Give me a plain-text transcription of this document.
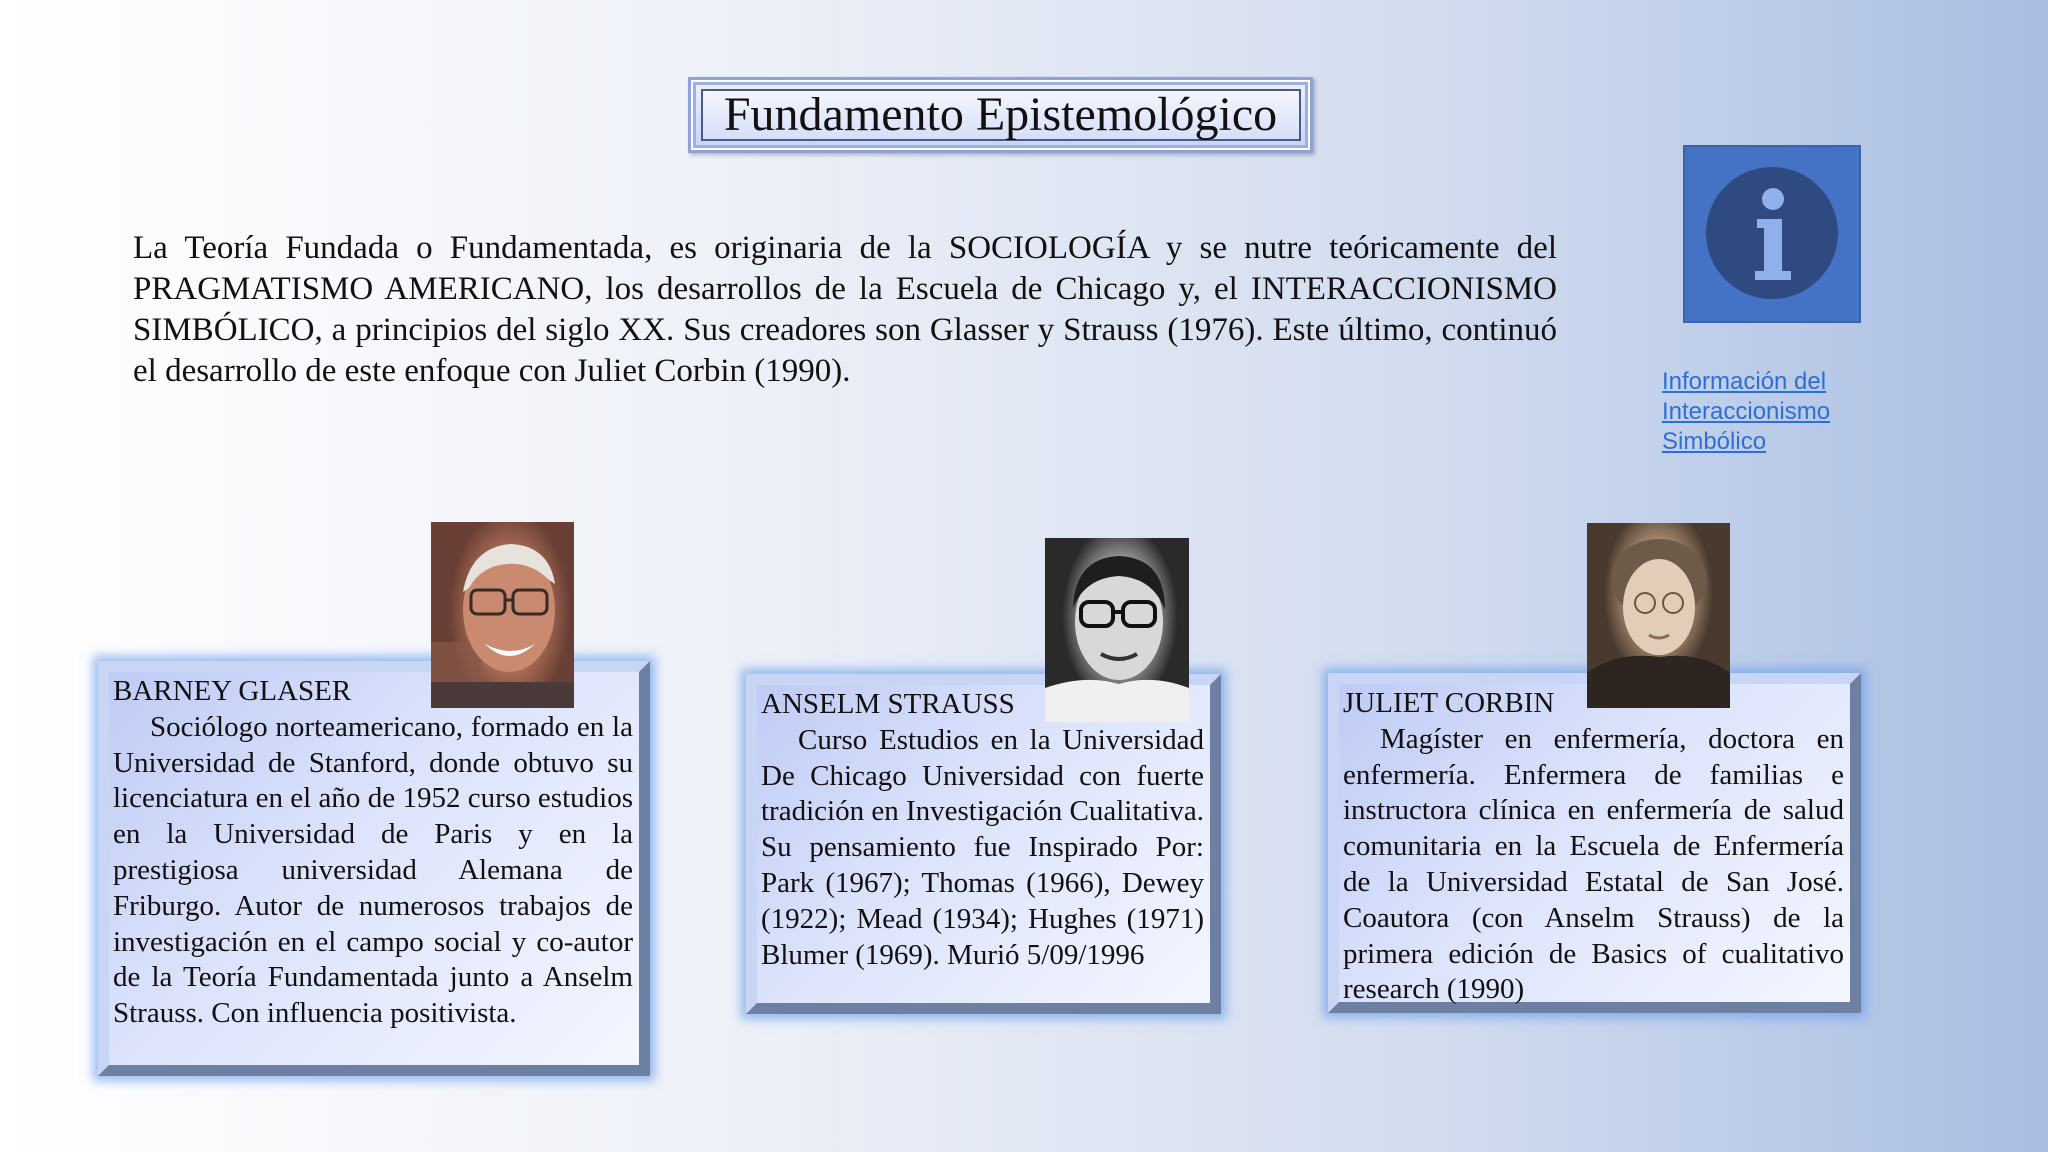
Fundamento Epistemológico
La Teoría Fundada o Fundamentada, es originaria de la SOCIOLOGÍA y se nutre teóricamente del PRAGMATISMO AMERICANO, los desarrollos de la Escuela de Chicago y, el INTERACCIONISMO SIMBÓLICO, a principios del siglo XX. Sus creadores son Glasser y Strauss (1976). Este último, continuó el desarrollo de este enfoque con Juliet Corbin (1990).	Información del
Interaccionismo
Simbólico
BARNEY GLASER
Sociólogo norteamericano, formado en la Universidad de Stanford, donde obtuvo su licenciatura en el año de 1952 curso estudios en la Universidad de Paris y en la prestigiosa universidad Alemana de Friburgo. Autor de numerosos trabajos de investigación en el campo social y co-autor de la Teoría Fundamentada junto a Anselm Strauss. Con influencia positivista.
ANSELM STRAUSS
Curso Estudios en la Universidad De Chicago Universidad con fuerte tradición en Investigación Cualitativa. Su pensamiento fue Inspirado Por: Park (1967); Thomas (1966), Dewey (1922); Mead (1934); Hughes (1971) Blumer (1969). Murió 5/09/1996
JULIET CORBIN
Magíster en enfermería, doctora en enfermería. Enfermera de familias e instructora clínica en enfermería de salud comunitaria en la Escuela de Enfermería de la Universidad Estatal de San José. Coautora (con Anselm Strauss) de la primera edición de Basics of cualitativo research (1990)
